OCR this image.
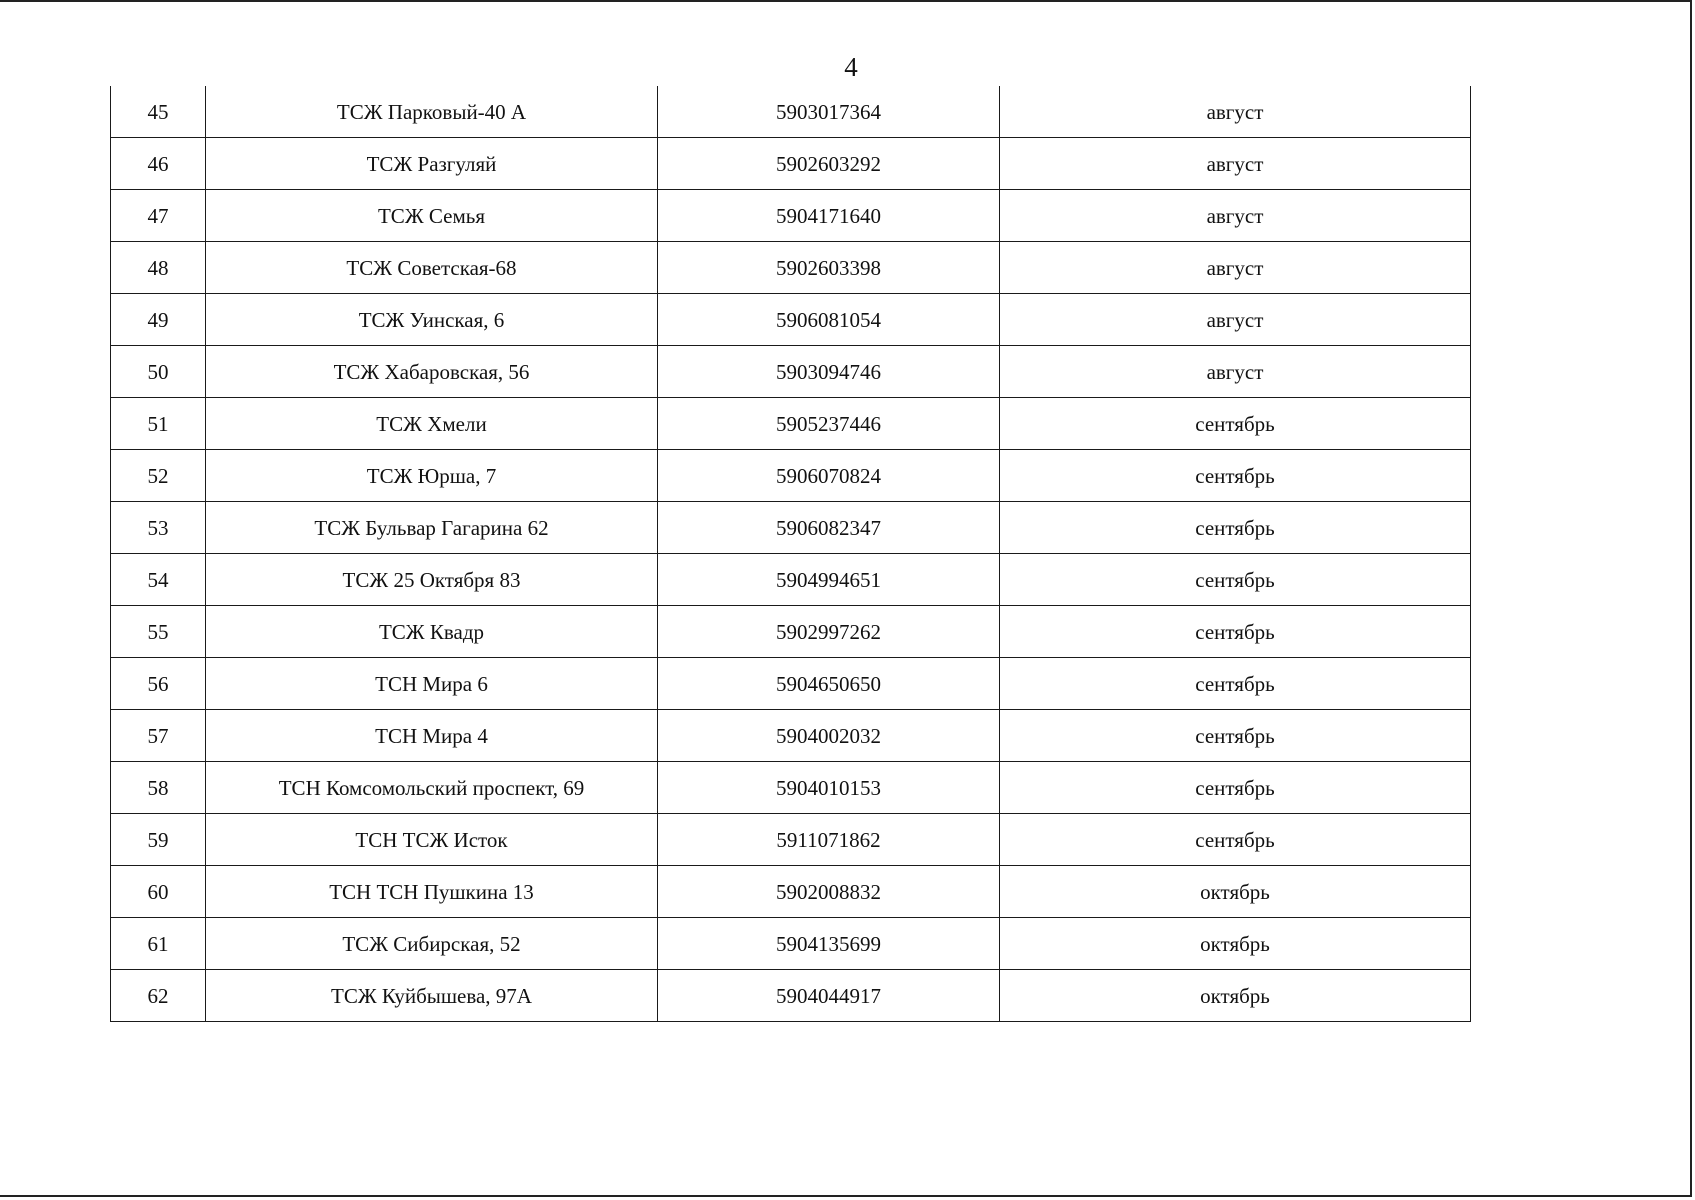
4
45	ТСЖ Парковый-40 А	5903017364	август
46	ТСЖ Разгуляй	5902603292	август
47	ТСЖ Семья	5904171640	август
48	ТСЖ Советская-68	5902603398	август
49	ТСЖ Уинская, 6	5906081054	август
50	ТСЖ Хабаровская, 56	5903094746	август
51	ТСЖ Хмели	5905237446	сентябрь
52	ТСЖ Юрша, 7	5906070824	сентябрь
53	ТСЖ Бульвар Гагарина 62	5906082347	сентябрь
54	ТСЖ 25 Октября 83	5904994651	сентябрь
55	ТСЖ Квадр	5902997262	сентябрь
56	ТСН Мира 6	5904650650	сентябрь
57	ТСН Мира 4	5904002032	сентябрь
58	ТСН Комсомольский проспект, 69	5904010153	сентябрь
59	ТСН ТСЖ Исток	5911071862	сентябрь
60	ТСН ТСН Пушкина 13	5902008832	октябрь
61	ТСЖ Сибирская, 52	5904135699	октябрь
62	ТСЖ Куйбышева, 97А	5904044917	октябрь
